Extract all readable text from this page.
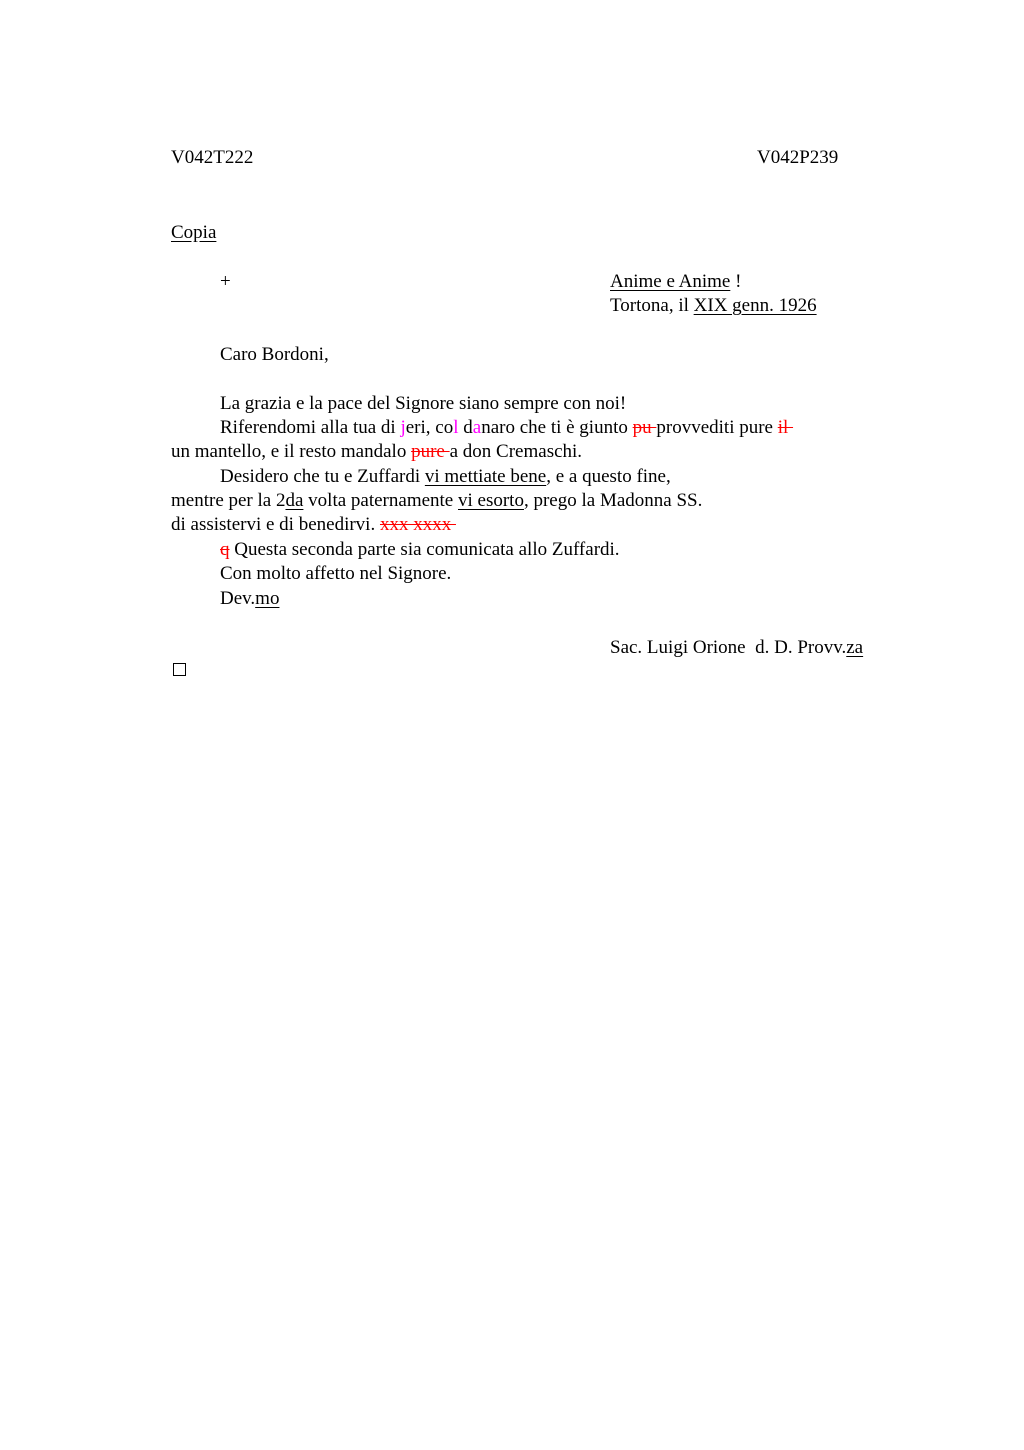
V042T222	V042P239
Copia
+	Anime e Anime !
Tortona, il XIX genn. 1926
Caro Bordoni,
La grazia e la pace del Signore siano sempre con noi!
Riferendomi alla tua di jeri, col danaro che ti è giunto pu provvediti pure il
un mantello, e il resto mandalo pure a don Cremaschi.
Desidero che tu e Zuffardi vi mettiate bene, e a questo fine,
mentre per la 2da volta paternamente vi esorto, prego la Madonna SS.
di assistervi e di benedirvi. xxx xxxx
q Questa seconda parte sia comunicata allo Zuffardi.
Con molto affetto nel Signore.
Dev.mo
Sac. Luigi Orione  d. D. Provv.za
